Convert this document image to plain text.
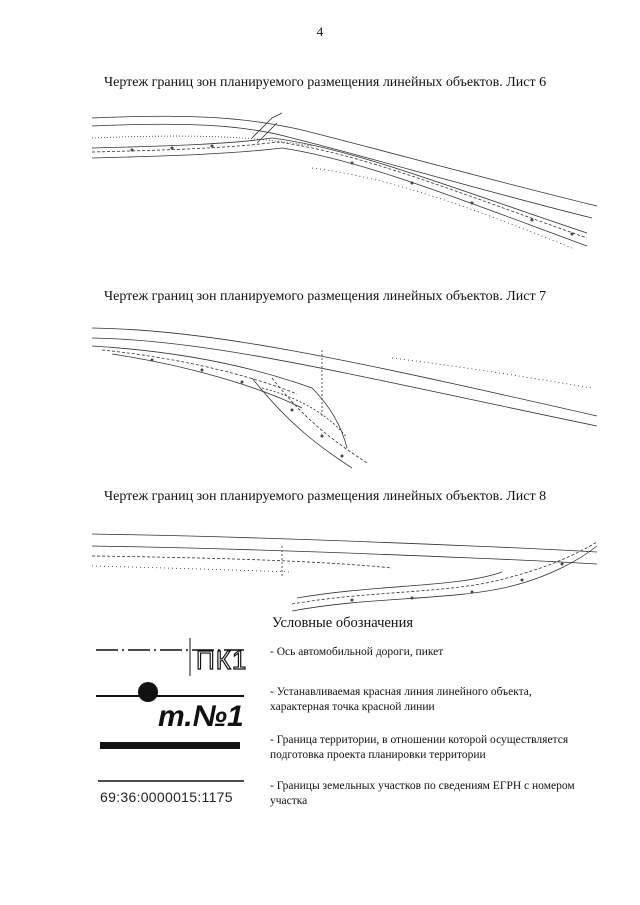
4
Чертеж границ зон планируемого размещения линейных объектов. Лист 6
Чертеж границ зон планируемого размещения линейных объектов. Лист 7
Чертеж границ зон планируемого размещения линейных объектов. Лист 8
Условные обозначения
ПК1
т.№1
69:36:0000015:1175
- Ось автомобильной дороги, пикет
- Устанавливаемая красная линия линейного объекта, характерная точка красной линии
- Граница территории, в отношении которой осуществляется подготовка проекта планировки территории
- Границы земельных участков по сведениям ЕГРН с номером участка
